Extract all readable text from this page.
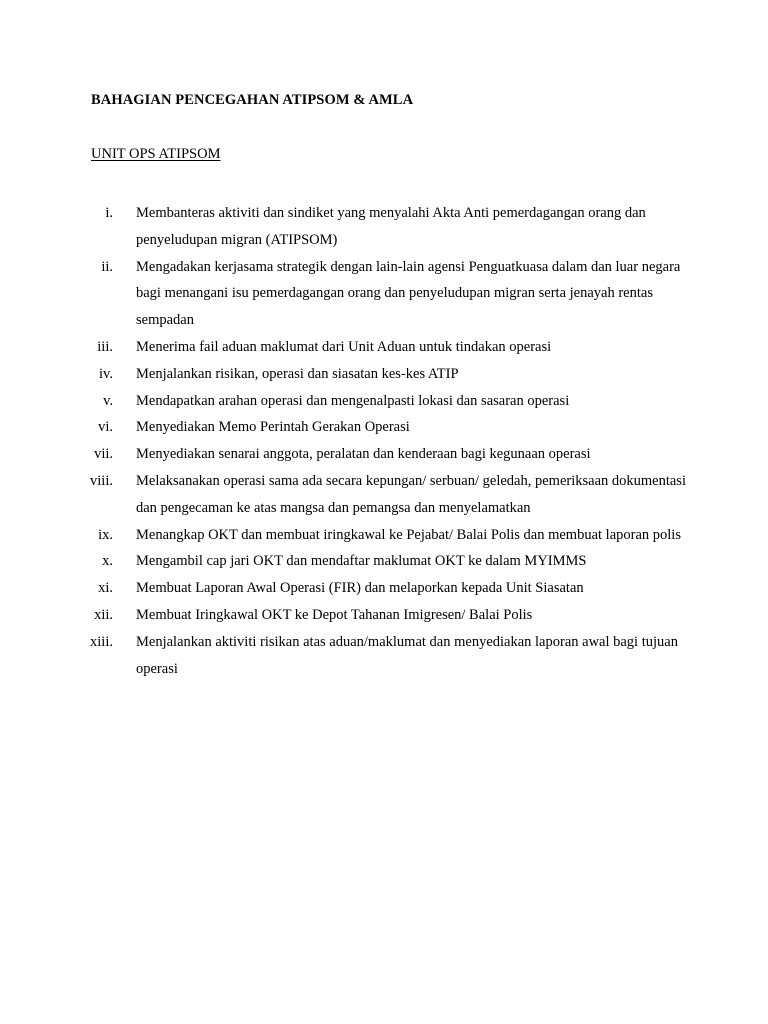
BAHAGIAN PENCEGAHAN ATIPSOM & AMLA
UNIT OPS ATIPSOM
i. Membanteras aktiviti dan sindiket yang menyalahi Akta Anti pemerdagangan orang dan penyeludupan migran (ATIPSOM)
ii. Mengadakan kerjasama strategik dengan lain-lain agensi Penguatkuasa dalam dan luar negara bagi menangani isu pemerdagangan orang dan penyeludupan migran serta jenayah rentas sempadan
iii. Menerima fail aduan maklumat dari Unit Aduan untuk tindakan operasi
iv. Menjalankan risikan, operasi dan siasatan kes-kes ATIP
v. Mendapatkan arahan operasi dan mengenalpasti lokasi dan sasaran operasi
vi. Menyediakan Memo Perintah Gerakan Operasi
vii. Menyediakan senarai anggota, peralatan dan kenderaan bagi kegunaan operasi
viii. Melaksanakan operasi sama ada secara kepungan/ serbuan/ geledah, pemeriksaan dokumentasi dan pengecaman ke atas mangsa dan pemangsa dan menyelamatkan
ix. Menangkap OKT dan membuat iringkawal ke Pejabat/ Balai Polis dan membuat laporan polis
x. Mengambil cap jari OKT dan mendaftar maklumat OKT ke dalam MYIMMS
xi. Membuat Laporan Awal Operasi (FIR) dan melaporkan kepada Unit Siasatan
xii. Membuat Iringkawal OKT ke Depot Tahanan Imigresen/ Balai Polis
xiii. Menjalankan aktiviti risikan atas aduan/maklumat dan menyediakan laporan awal bagi tujuan operasi
